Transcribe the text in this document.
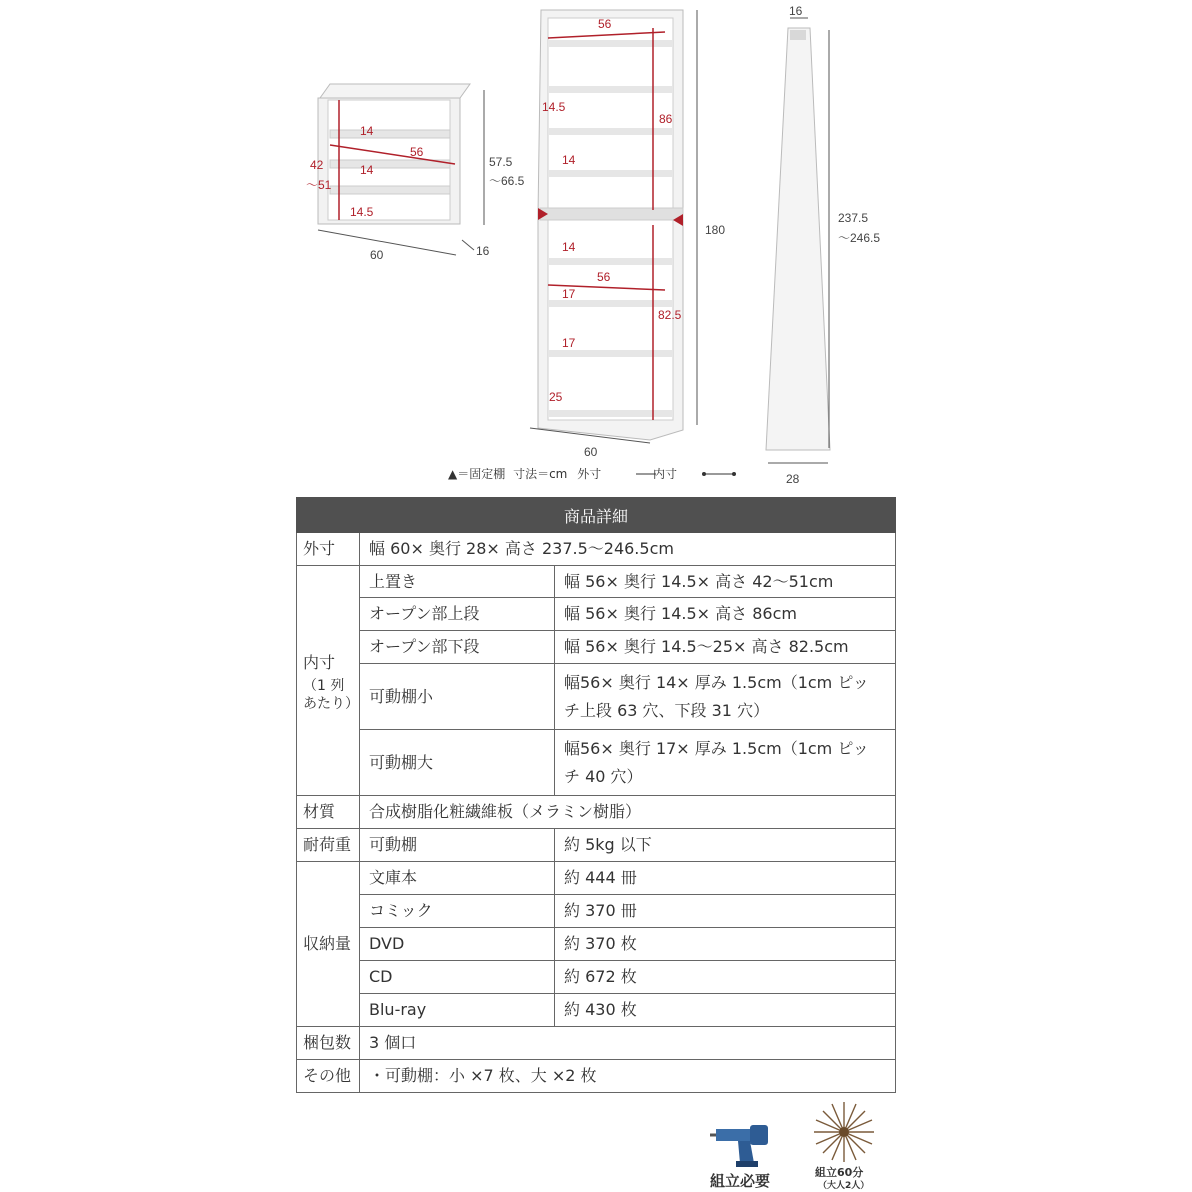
60	16
57.5
～66.5
42
～51
56
14
14
14.5
56
14.5
86
14
14
56
17
82.5
17
25
60
180
16
237.5
～246.5
28
▲＝固定棚 寸法＝cm 外寸	内寸
商品詳細		
外寸	幅 60× 奥行 28× 高さ 237.5～246.5cm	

内寸
（1 列
あたり）	上置き	幅 56× 奥行 14.5× 高さ 42～51cm
	オープン部上段	幅 56× 奥行 14.5× 高さ 86cm
	オープン部下段	幅 56× 奥行 14.5～25× 高さ 82.5cm
	可動棚小	幅56× 奥行 14× 厚み 1.5cm（1cm ピッ
チ上段 63 穴、下段 31 穴）

	可動棚大	幅56× 奥行 17× 厚み 1.5cm（1cm ピッ
チ 40 穴）

材質	合成樹脂化粧繊維板（メラミン樹脂）	
耐荷重	可動棚	約 5kg 以下
収納量	文庫本	約 444 冊
	コミック	約 370 冊
	DVD	約 370 枚
	CD	約 672 枚
	Blu-ray	約 430 枚
梱包数	3 個口	
その他	・可動棚：小 ×7 枚、大 ×2 枚	
組立必要	組立60分
（大人2人）
